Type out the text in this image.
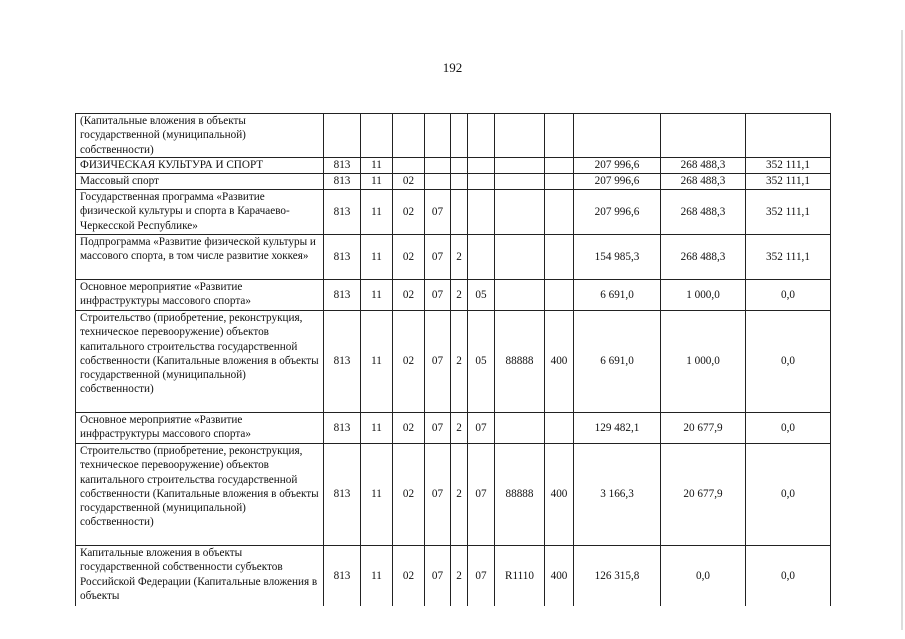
192
(Капитальные вложения в объекты государственной (муниципальной) собственности)											
ФИЗИЧЕСКАЯ КУЛЬТУРА И СПОРТ	813	11							207 996,6	268 488,3	352 111,1
Массовый спорт	813	11	02						207 996,6	268 488,3	352 111,1
Государственная программа «Развитие физической культуры и спорта в Карачаево-Черкесской Республике»	813	11	02	07					207 996,6	268 488,3	352 111,1
Подпрограмма «Развитие физической культуры и массового спорта, в том числе развитие хоккея»	813	11	02	07	2				154 985,3	268 488,3	352 111,1
Основное мероприятие «Развитие инфраструктуры массового спорта»	813	11	02	07	2	05			6 691,0	1 000,0	0,0
Строительство (приобретение, реконструкция, техническое перевооружение) объектов капитального строительства государственной собственности (Капитальные вложения в объекты государственной (муниципальной) собственности)	813	11	02	07	2	05	88888	400	6 691,0	1 000,0	0,0
Основное мероприятие «Развитие инфраструктуры массового спорта»	813	11	02	07	2	07			129 482,1	20 677,9	0,0
Строительство (приобретение, реконструкция, техническое перевооружение) объектов капитального строительства государственной собственности (Капитальные вложения в объекты государственной (муниципальной) собственности)	813	11	02	07	2	07	88888	400	3 166,3	20 677,9	0,0
Капитальные вложения в объекты государственной собственности субъектов Российской Федерации (Капитальные вложения в объекты	813	11	02	07	2	07	R1110	400	126 315,8	0,0	0,0
